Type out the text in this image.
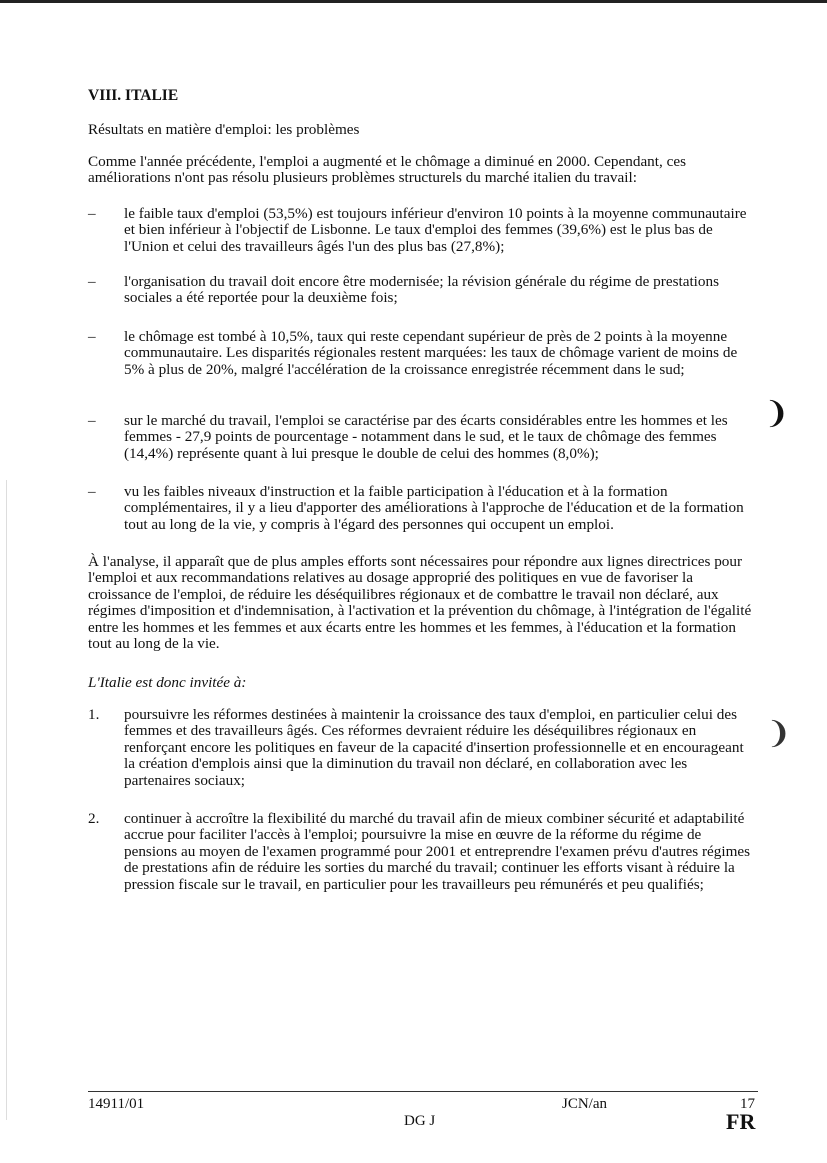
VIII. ITALIE
Résultats en matière d'emploi: les problèmes
Comme l'année précédente, l'emploi a augmenté et le chômage a diminué en 2000. Cependant, ces améliorations n'ont pas résolu plusieurs problèmes structurels du marché italien du travail:
–	le faible taux d'emploi (53,5%) est toujours inférieur d'environ 10 points à la moyenne communautaire et bien inférieur à l'objectif de Lisbonne. Le taux d'emploi des femmes (39,6%) est le plus bas de l'Union et celui des travailleurs âgés l'un des plus bas (27,8%);
–	l'organisation du travail doit encore être modernisée; la révision générale du régime de prestations sociales a été reportée pour la deuxième fois;
–	le chômage est tombé à 10,5%, taux qui reste cependant supérieur de près de 2 points à la moyenne communautaire. Les disparités régionales restent marquées: les taux de chômage varient de moins de 5% à plus de 20%, malgré l'accélération de la croissance enregistrée récemment dans le sud;
–	sur le marché du travail, l'emploi se caractérise par des écarts considérables entre les hommes et les femmes - 27,9 points de pourcentage - notamment dans le sud, et le taux de chômage des femmes (14,4%) représente quant à lui presque le double de celui des hommes (8,0%);
–	vu les faibles niveaux d'instruction et la faible participation à l'éducation et à la formation complémentaires, il y a lieu d'apporter des améliorations à l'approche de l'éducation et de la formation tout au long de la vie, y compris à l'égard des personnes qui occupent un emploi.
À l'analyse, il apparaît que de plus amples efforts sont nécessaires pour répondre aux lignes directrices pour l'emploi et aux recommandations relatives au dosage approprié des politiques en vue de favoriser la croissance de l'emploi, de réduire les déséquilibres régionaux et de combattre le travail non déclaré, aux régimes d'imposition et d'indemnisation, à l'activation et la prévention du chômage, à l'intégration de l'égalité entre les hommes et les femmes et aux écarts entre les hommes et les femmes, à l'éducation et la formation tout au long de la vie.
L'Italie est donc invitée à:
1.	poursuivre les réformes destinées à maintenir la croissance des taux d'emploi, en particulier celui des femmes et des travailleurs âgés. Ces réformes devraient réduire les déséquilibres régionaux en renforçant encore les politiques en faveur de la capacité d'insertion professionnelle et en encourageant la création d'emplois ainsi que la diminution du travail non déclaré, en collaboration avec les partenaires sociaux;
2.	continuer à accroître la flexibilité du marché du travail afin de mieux combiner sécurité et adaptabilité accrue pour faciliter l'accès à l'emploi; poursuivre la mise en œuvre de la réforme du régime de pensions au moyen de l'examen programmé pour 2001 et entreprendre l'examen prévu d'autres régimes de prestations afin de réduire les sorties du marché du travail; continuer les efforts visant à réduire la pression fiscale sur le travail, en particulier pour les travailleurs peu rémunérés et peu qualifiés;
❩
❩
14911/01	JCN/an	17
DG J	FR
